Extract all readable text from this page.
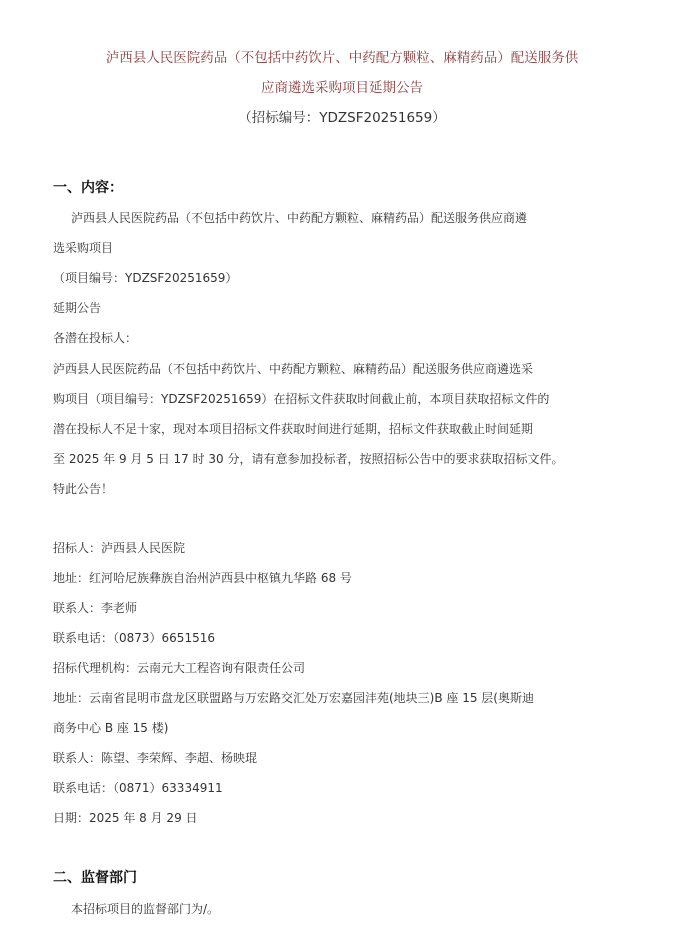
泸西县人民医院药品（不包括中药饮片、中药配方颗粒、麻精药品）配送服务供
应商遴选采购项目延期公告
（招标编号：YDZSF20251659）
一、内容：
泸西县人民医院药品（不包括中药饮片、中药配方颗粒、麻精药品）配送服务供应商遴
选采购项目
（项目编号：YDZSF20251659）
延期公告
各潜在投标人：
泸西县人民医院药品（不包括中药饮片、中药配方颗粒、麻精药品）配送服务供应商遴选采
购项目（项目编号：YDZSF20251659）在招标文件获取时间截止前，本项目获取招标文件的
潜在投标人不足十家，现对本项目招标文件获取时间进行延期，招标文件获取截止时间延期
至 2025 年 9 月 5 日 17 时 30 分，请有意参加投标者，按照招标公告中的要求获取招标文件。
特此公告！
招标人：泸西县人民医院
地址：红河哈尼族彝族自治州泸西县中枢镇九华路 68 号
联系人：李老师
联系电话：（0873）6651516
招标代理机构：云南元大工程咨询有限责任公司
地址：云南省昆明市盘龙区联盟路与万宏路交汇处万宏嘉园沣苑(地块三)B 座 15 层(奥斯迪
商务中心 B 座 15 楼)
联系人：陈望、李荣辉、李超、杨映琨
联系电话：（0871）63334911
日期：2025 年 8 月 29 日
二、监督部门
本招标项目的监督部门为/。
